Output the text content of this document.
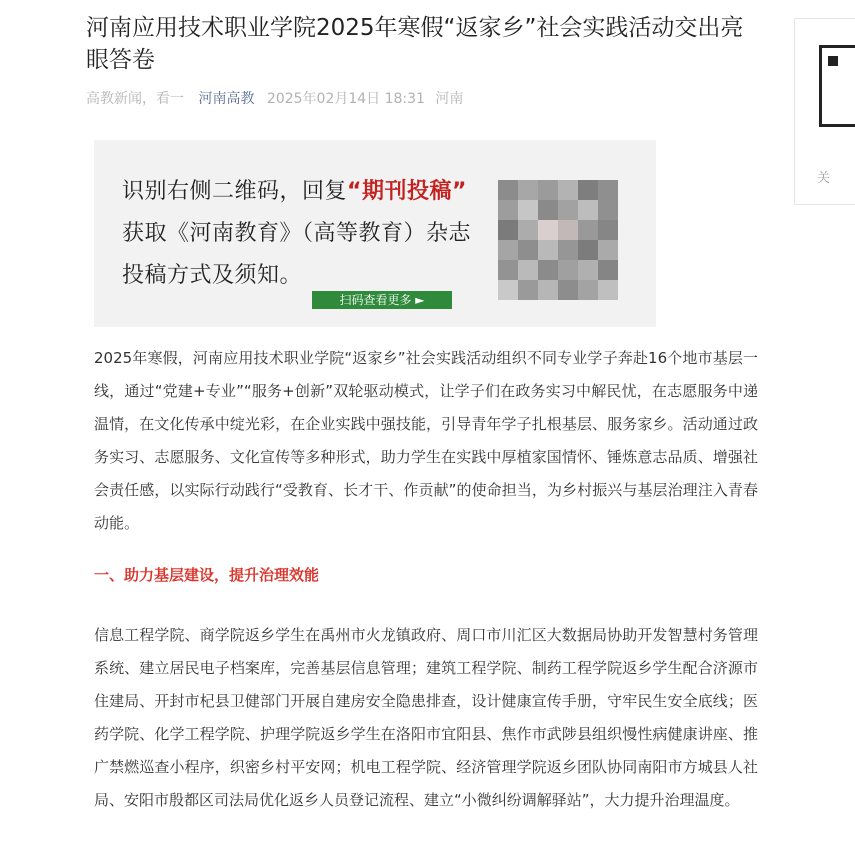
河南应用技术职业学院2025年寒假“返家乡”社会实践活动交出亮眼答卷
高教新闻，看一 河南高教 2025年02月14日 18:31 河南
识别右侧二维码，回复“期刊投稿”
获取《河南教育》（高等教育）杂志
投稿方式及须知。
扫码查看更多 ►

2025年寒假，河南应用技术职业学院“返家乡”社会实践活动组织不同专业学子奔赴16个地市基层一线，通过“党建+专业”“服务+创新”双轮驱动模式，让学子们在政务实习中解民忧，在志愿服务中递温情，在文化传承中绽光彩，在企业实践中强技能，引导青年学子扎根基层、服务家乡。活动通过政务实习、志愿服务、文化宣传等多种形式，助力学生在实践中厚植家国情怀、锤炼意志品质、增强社会责任感，以实际行动践行“受教育、长才干、作贡献”的使命担当，为乡村振兴与基层治理注入青春动能。

一、助力基层建设，提升治理效能

信息工程学院、商学院返乡学生在禹州市火龙镇政府、周口市川汇区大数据局协助开发智慧村务管理系统、建立居民电子档案库，完善基层信息管理；建筑工程学院、制药工程学院返乡学生配合济源市住建局、开封市杞县卫健部门开展自建房安全隐患排查，设计健康宣传手册，守牢民生安全底线；医药学院、化学工程学院、护理学院返乡学生在洛阳市宜阳县、焦作市武陟县组织慢性病健康讲座、推广禁燃巡查小程序，织密乡村平安网；机电工程学院、经济管理学院返乡团队协同南阳市方城县人社局、安阳市殷都区司法局优化返乡人员登记流程、建立“小微纠纷调解驿站”，大力提升治理温度。

关
